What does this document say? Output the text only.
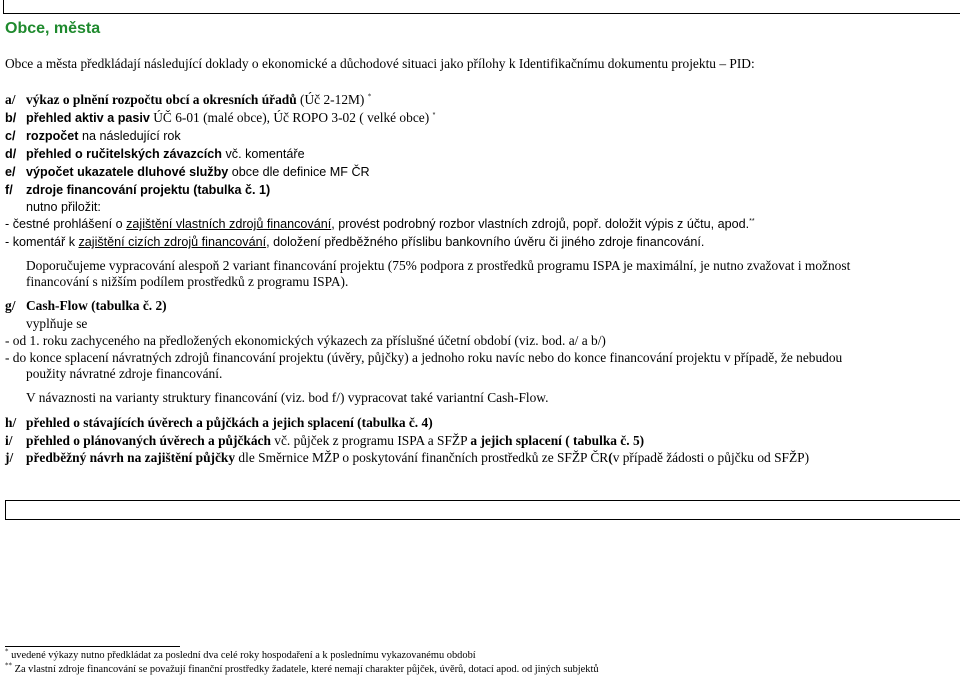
Obce, města
Obce a města předkládají následující doklady o ekonomické a důchodové situaci jako přílohy k Identifikačnímu dokumentu projektu – PID:
a/ výkaz o plnění rozpočtu obcí a okresních úřadů (Úč 2-12M) *
b/ přehled aktiv a pasiv ÚČ 6-01 (malé obce), Úč ROPO 3-02 ( velké obce) *
c/ rozpočet na následující rok
d/ přehled o ručitelských závazcích vč. komentáře
e/ výpočet ukazatele dluhové služby obce dle definice MF ČR
f/ zdroje financování projektu (tabulka č. 1)
nutno přiložit:
- čestné prohlášení o zajištění vlastních zdrojů financování, provést podrobný rozbor vlastních zdrojů, popř. doložit výpis z účtu, apod.**
- komentář k zajištění cizích zdrojů financování, doložení předběžného příslibu bankovního úvěru či jiného zdroje financování.
Doporučujeme vypracování alespoň 2 variant financování projektu (75% podpora z prostředků programu ISPA je maximální, je nutno zvažovat i možnost
financování s nižším podílem prostředků z programu ISPA).
g/ Cash-Flow (tabulka č. 2)
vyplňuje se
- od 1. roku zachyceného na předložených ekonomických výkazech za příslušné účetní období (viz. bod. a/ a b/)
- do konce splacení návratných zdrojů financování projektu (úvěry, půjčky) a jednoho roku navíc nebo do konce financování projektu v případě, že nebudou
použity návratné zdroje financování.
V návaznosti na varianty struktury financování (viz. bod f/) vypracovat také variantní Cash-Flow.
h/ přehled o stávajících úvěrech a půjčkách a jejich splacení (tabulka č. 4)
i/ přehled o plánovaných úvěrech a půjčkách vč. půjček z programu ISPA a SFŽP a jejich splacení ( tabulka č. 5)
j/ předběžný návrh na zajištění půjčky dle Směrnice MŽP o poskytování finančních prostředků ze SFŽP ČR(v případě žádosti o půjčku od SFŽP)
* uvedené výkazy nutno předkládat za poslední dva celé roky hospodaření a k poslednímu vykazovanému období
** Za vlastní zdroje financování se považují finanční prostředky žadatele, které nemají charakter půjček, úvěrů, dotací apod. od jiných subjektů
